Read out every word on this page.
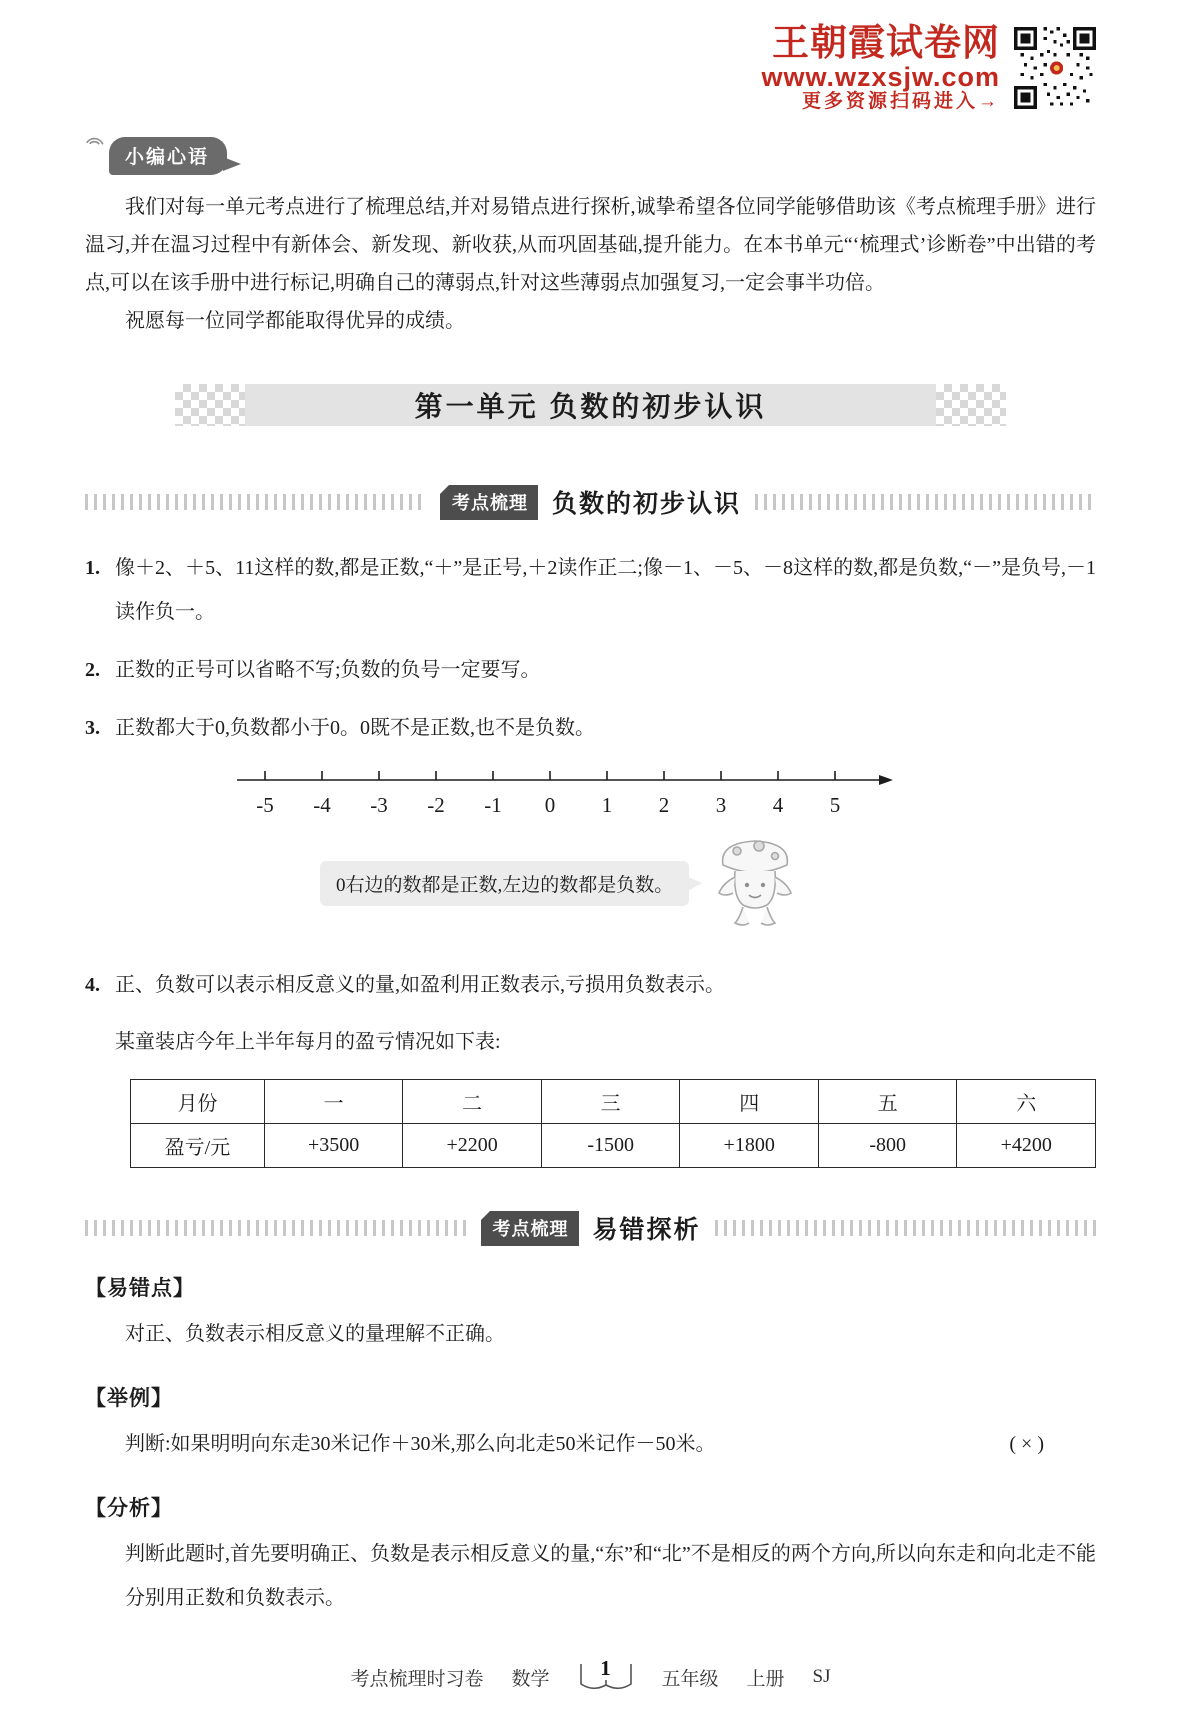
王朝霞试卷网
www.wzxsjw.com
更多资源扫码进入→
小编心语

我们对每一单元考点进行了梳理总结,并对易错点进行探析,诚挚希望各位同学能够借助该《考点梳理手册》进行温习,并在温习过程中有新体会、新发现、新收获,从而巩固基础,提升能力。在本书单元“‘梳理式’诊断卷”中出错的考点,可以在该手册中进行标记,明确自己的薄弱点,针对这些薄弱点加强复习,一定会事半功倍。

祝愿每一位同学都能取得优异的成绩。

第一单元 负数的初步认识
考点梳理 负数的初步认识
1. 像＋2、＋5、11这样的数,都是正数,“＋”是正号,＋2读作正二;像－1、－5、－8这样的数,都是负数,“－”是负号,－1读作负一。
2. 正数的正号可以省略不写;负数的负号一定要写。
3. 正数都大于0,负数都小于0。0既不是正数,也不是负数。
-5 -4 -3 -2 -1 0 1 2 3 4 5
0右边的数都是正数,左边的数都是负数。
4. 正、负数可以表示相反意义的量,如盈利用正数表示,亏损用负数表示。
某童装店今年上半年每月的盈亏情况如下表:
月份	一	二	三	四	五	六
盈亏/元	+3500	+2200	-1500	+1800	-800	+4200
考点梳理 易错探析
【易错点】
对正、负数表示相反意义的量理解不正确。
【举例】
判断:如果明明向东走30米记作＋30米,那么向北走50米记作－50米。	( × )
【分析】
判断此题时,首先要明确正、负数是表示相反意义的量,“东”和“北”不是相反的两个方向,所以向东走和向北走不能分别用正数和负数表示。
考点梳理时习卷 数学	1	五年级 上册 SJ
